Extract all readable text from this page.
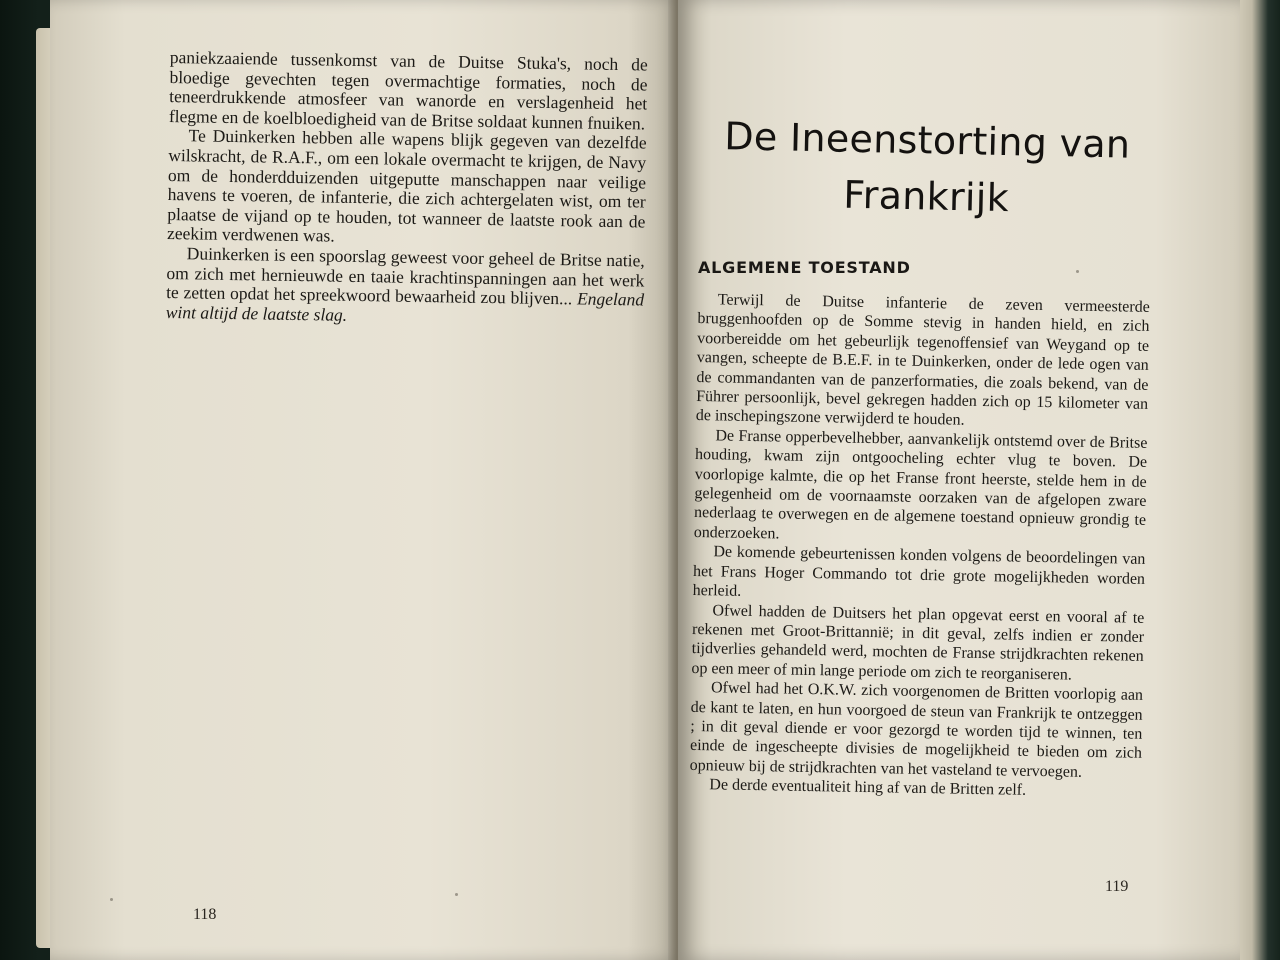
paniekzaaiende tussenkomst van de Duitse Stuka's, noch de bloedige gevechten tegen overmachtige formaties, noch de teneerdrukkende atmosfeer van wanorde en verslagenheid het flegme en de koelbloedigheid van de Britse soldaat kunnen fnuiken.

Te Duinkerken hebben alle wapens blijk gegeven van dezelfde wilskracht, de R.A.F., om een lokale overmacht te krijgen, de Navy om de honderdduizenden uitgeputte manschappen naar veilige havens te voeren, de infanterie, die zich achtergelaten wist, om ter plaatse de vijand op te houden, tot wanneer de laatste rook aan de zeekim verdwenen was.

Duinkerken is een spoorslag geweest voor geheel de Britse natie, om zich met hernieuwde en taaie krachtinspanningen aan het werk te zetten opdat het spreekwoord bewaarheid zou blijven... Engeland wint altijd de laatste slag.

118
De Ineenstorting van
Frankrijk
ALGEMENE TOESTAND

Terwijl de Duitse infanterie de zeven vermeesterde bruggenhoofden op de Somme stevig in handen hield, en zich voorbereidde om het gebeurlijk tegenoffensief van Weygand op te vangen, scheepte de B.E.F. in te Duinkerken, onder de lede ogen van de commandanten van de panzerformaties, die zoals bekend, van de Führer persoonlijk, bevel gekregen hadden zich op 15 kilometer van de inschepingszone verwijderd te houden.

De Franse opperbevelhebber, aanvankelijk ontstemd over de Britse houding, kwam zijn ontgoocheling echter vlug te boven. De voorlopige kalmte, die op het Franse front heerste, stelde hem in de gelegenheid om de voornaamste oorzaken van de afgelopen zware nederlaag te overwegen en de algemene toestand opnieuw grondig te onderzoeken.

De komende gebeurtenissen konden volgens de beoordelingen van het Frans Hoger Commando tot drie grote mogelijkheden worden herleid.

Ofwel hadden de Duitsers het plan opgevat eerst en vooral af te rekenen met Groot-Brittannië; in dit geval, zelfs indien er zonder tijdverlies gehandeld werd, mochten de Franse strijdkrachten rekenen op een meer of min lange periode om zich te reorganiseren.

Ofwel had het O.K.W. zich voorgenomen de Britten voorlopig aan de kant te laten, en hun voorgoed de steun van Frankrijk te ontzeggen ; in dit geval diende er voor gezorgd te worden tijd te winnen, ten einde de ingescheepte divisies de mogelijkheid te bieden om zich opnieuw bij de strijdkrachten van het vasteland te vervoegen.

De derde eventualiteit hing af van de Britten zelf.

119
